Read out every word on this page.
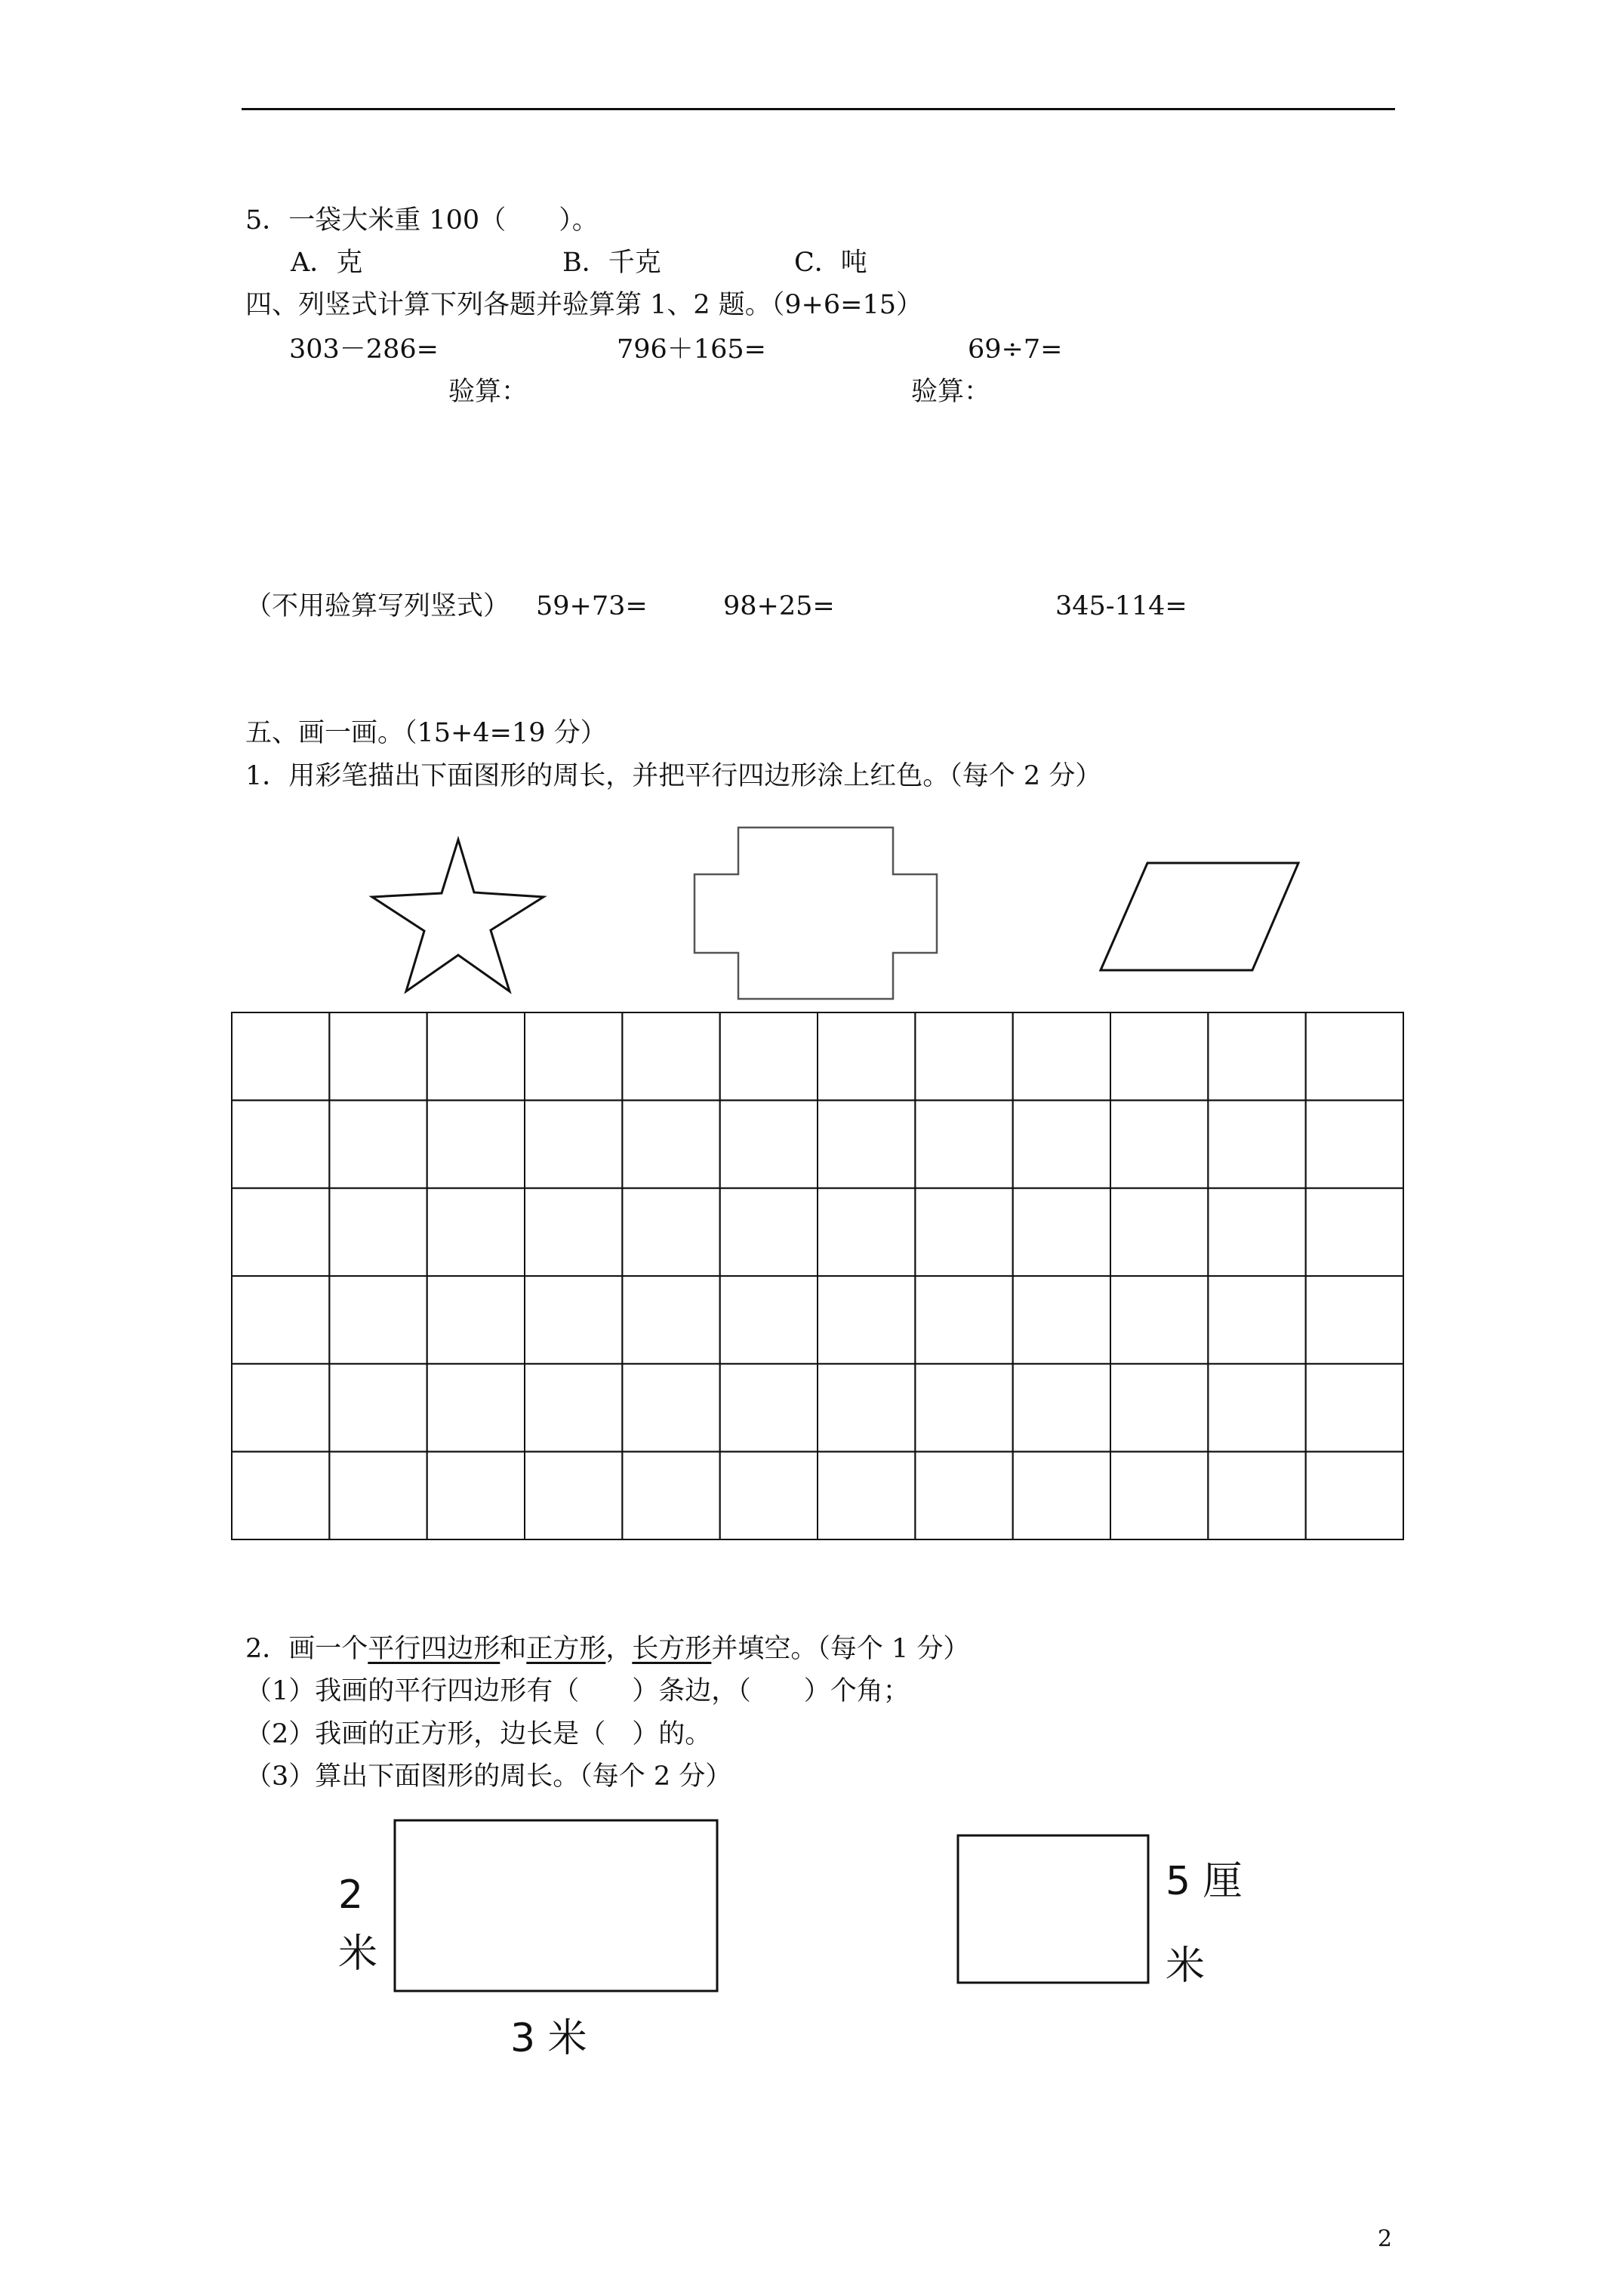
5．一袋大米重 100（　　）。
A．克	B．千克	C．吨
四、列竖式计算下列各题并验算第 1、2 题。（9+6=15）
303－286=	796＋165=	69÷7=
验算：	验算：
（不用验算写列竖式） 59+73=	98+25=	345-114=
五、画一画。（15+4=19 分）
1．用彩笔描出下面图形的周长，并把平行四边形涂上红色。（每个 2 分）
2．画一个平行四边形和正方形，长方形并填空。（每个 1 分）
（1）我画的平行四边形有（　　）条边，（　　）个角；
（2）我画的正方形，边长是（　）的。
（3）算出下面图形的周长。（每个 2 分）
2
米
3 米
5 厘
米
2
